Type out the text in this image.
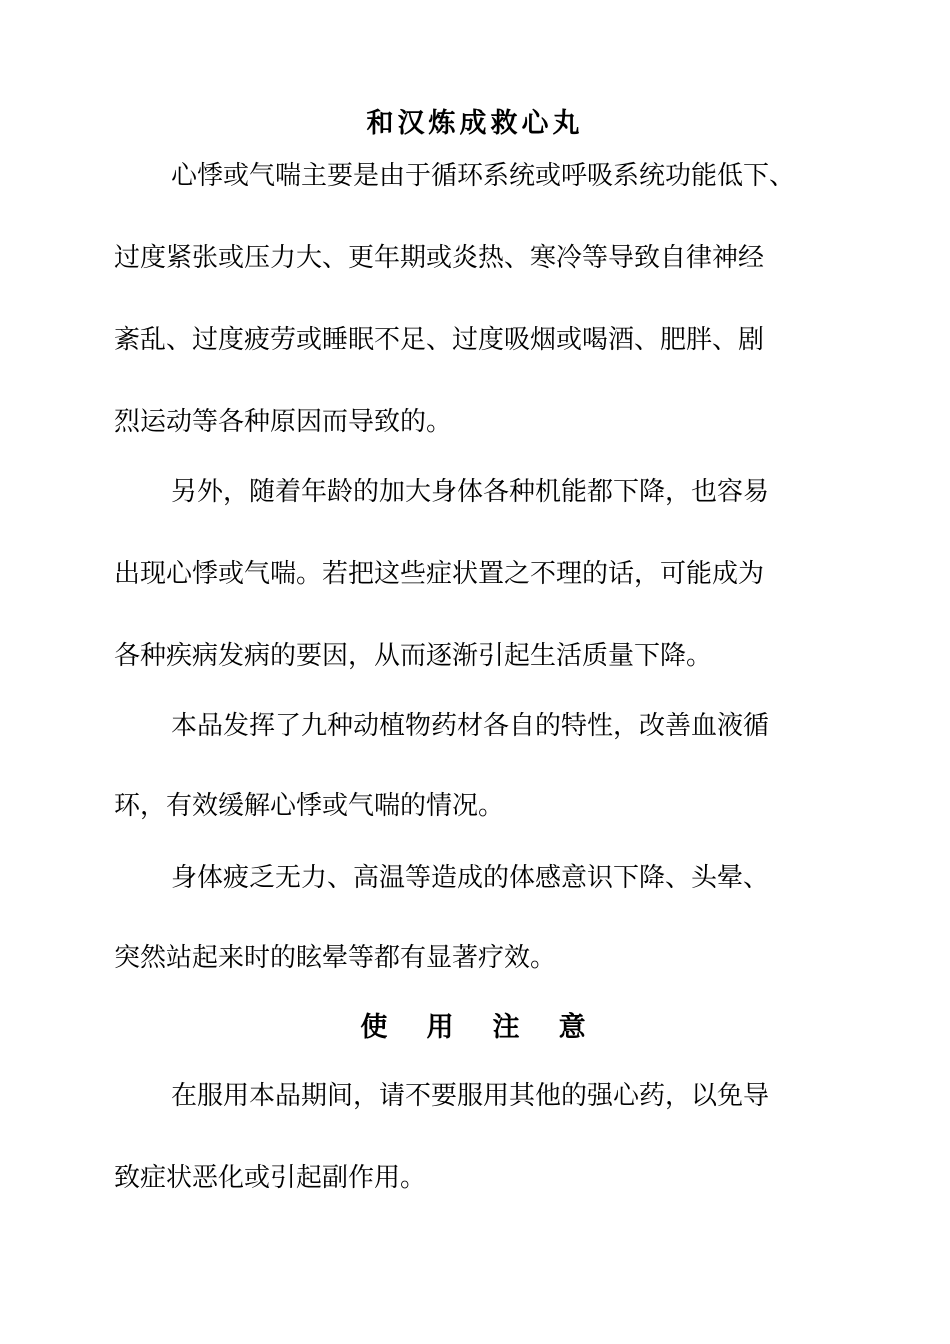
和汉炼成救心丸

心悸或气喘主要是由于循环系统或呼吸系统功能低下、

过度紧张或压力大、更年期或炎热、寒冷等导致自律神经

紊乱、过度疲劳或睡眠不足、过度吸烟或喝酒、肥胖、剧

烈运动等各种原因而导致的。

另外，随着年龄的加大身体各种机能都下降，也容易

出现心悸或气喘。若把这些症状置之不理的话，可能成为

各种疾病发病的要因，从而逐渐引起生活质量下降。

本品发挥了九种动植物药材各自的特性，改善血液循

环，有效缓解心悸或气喘的情况。

身体疲乏无力、高温等造成的体感意识下降、头晕、

突然站起来时的眩晕等都有显著疗效。

使 用 注 意

在服用本品期间，请不要服用其他的强心药，以免导

致症状恶化或引起副作用。
